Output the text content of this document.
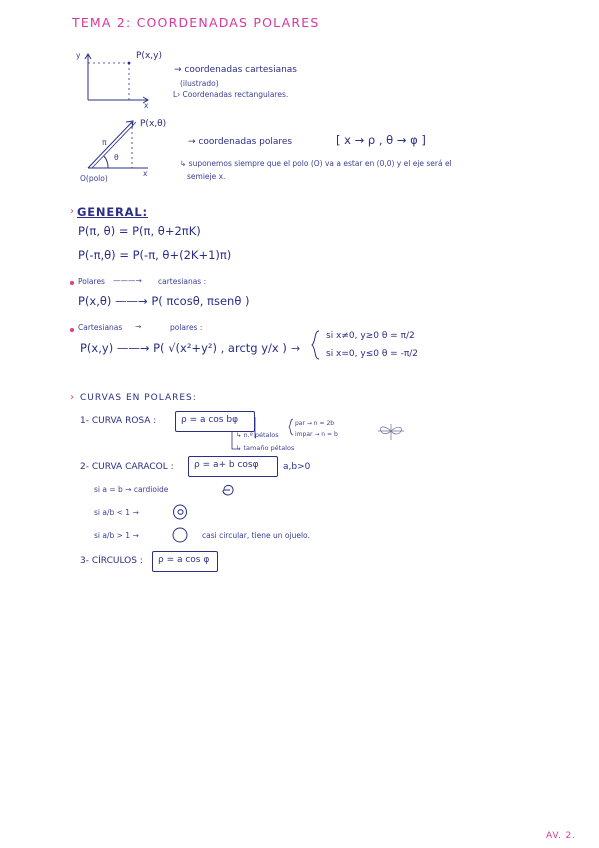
TEMA 2: COORDENADAS POLARES
y	P(x,y)
x
→ coordenadas cartesianas
(ilustrado)
L› Coordenadas rectangulares.
P(x,θ)
π
θ
x
O(polo)
→ coordenadas polares	[ x → ρ , θ → φ ]
↳ suponemos siempre que el polo (O) va a estar en (0,0) y el eje será el
semieje x.
› GENERAL:
P(π, θ) = P(π, θ+2πK)
P(-π,θ) = P(-π, θ+(2K+1)π)
Polares ———→ cartesianas :
P(x,θ) ——→ P( πcosθ, πsenθ )
Cartesianas →	polares :
P(x,y) ——→ P( √(x²+y²) , arctg y/x ) →
si x≠0, y≥0 θ = π/2
si x=0, y≤0 θ = -π/2
› CURVAS EN POLARES:
1- CURVA ROSA :	ρ = a cos bφ
↳ n.º pétalos
↳ tamaño pétalos
par → n = 2b
impar → n = b
2- CURVA CARACOL : ρ = a+ b cosφ	a,b>0
si a = b → cardioide
si a/b < 1 →
si a/b > 1 →	casi circular, tiene un ojuelo.
3- CÍRCULOS : ρ = a cos φ
AV. 2.
